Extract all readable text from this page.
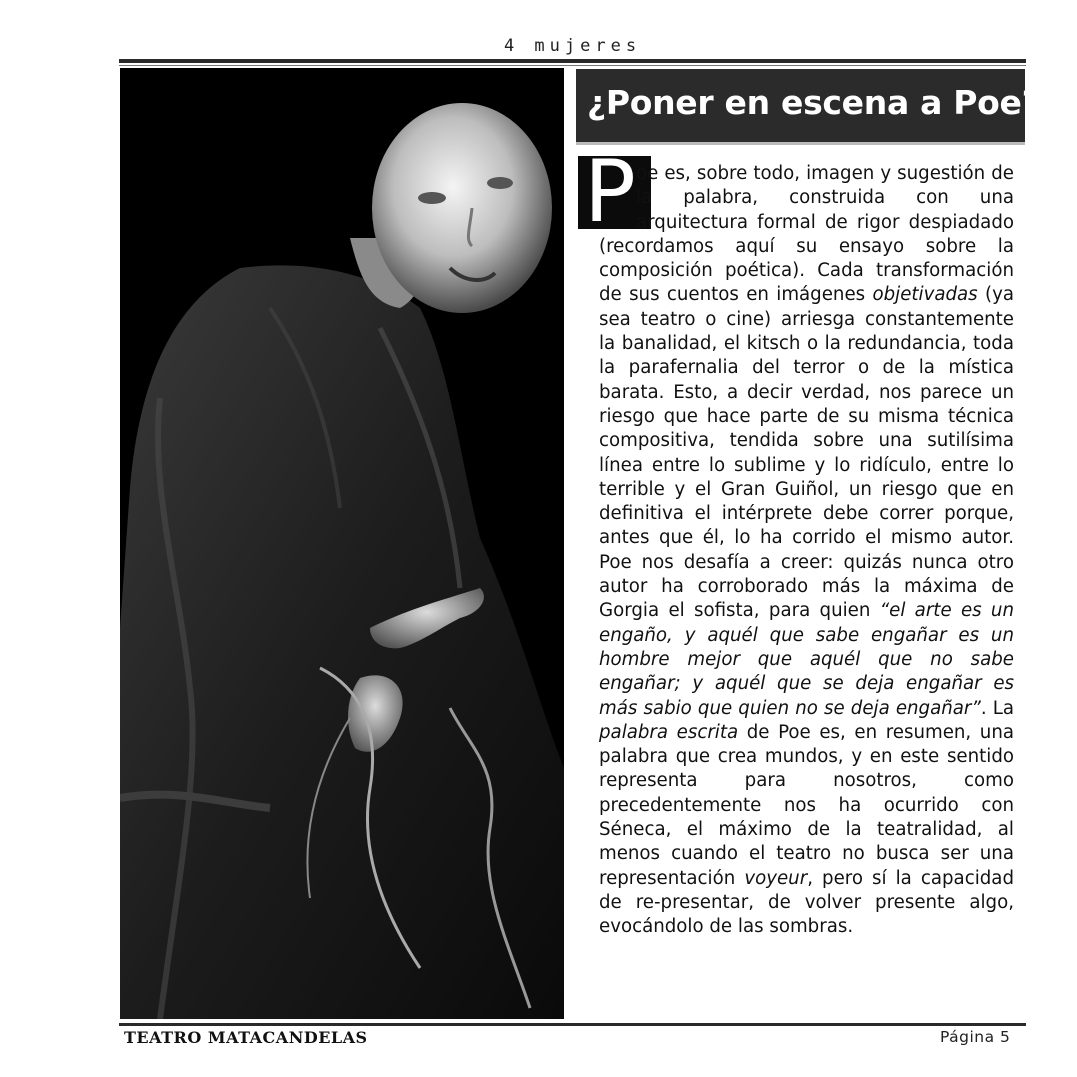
4 mujeres
¿Poner en escena a Poe?
P oe es, sobre todo, imagen y sugestión de la palabra, construida con una arquitectura formal de rigor despiadado (recordamos aquí su ensayo sobre la composición poética). Cada transformación de sus cuentos en imágenes objetivadas (ya sea teatro o cine) arriesga constantemente la banalidad, el kitsch o la redundancia, toda la parafernalia del terror o de la mística barata. Esto, a decir verdad, nos parece un riesgo que hace parte de su misma técnica compositiva, tendida sobre una sutilísima línea entre lo sublime y lo ridículo, entre lo terrible y el Gran Guiñol, un riesgo que en definitiva el intérprete debe correr porque, antes que él, lo ha corrido el mismo autor. Poe nos desafía a creer: quizás nunca otro autor ha corroborado más la máxima de Gorgia el sofista, para quien “el arte es un engaño, y aquél que sabe engañar es un hombre mejor que aquél que no sabe engañar; y aquél que se deja engañar es más sabio que quien no se deja engañar”. La palabra escrita de Poe es, en resumen, una palabra que crea mundos, y en este sentido representa para nosotros, como precedentemente nos ha ocurrido con Séneca, el máximo de la teatralidad, al menos cuando el teatro no busca ser una representación voyeur, pero sí la capacidad de re-presentar, de volver presente algo, evocándolo de las sombras.
TEATRO MATACANDELAS	Página 5
